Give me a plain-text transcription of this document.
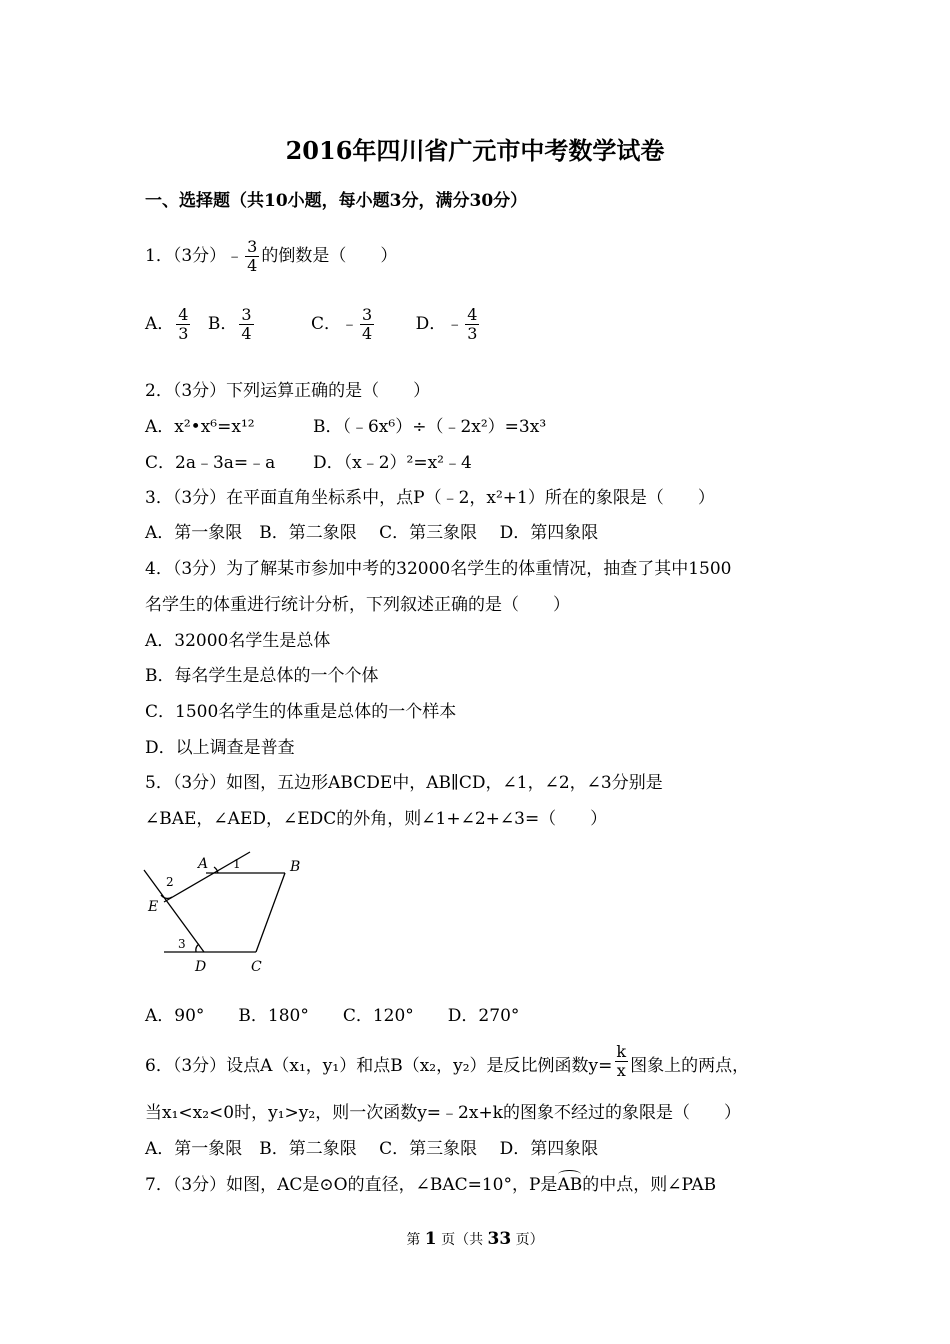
2016年四川省广元市中考数学试卷
一、选择题（共10小题，每小题3分，满分30分）
1．（3分）﹣ $\frac{3}{4}$ 的倒数是（　　）
A． $\frac{4}{3}$ B． $\frac{3}{4}$	C．﹣ $\frac{3}{4}$ D．﹣ $\frac{4}{3}$
2．（3分）下列运算正确的是（　　）
A．x²•x⁶=x¹²	B．（﹣6x⁶）÷（﹣2x²）=3x³
C．2a﹣3a=﹣a D．（x﹣2）²=x²﹣4
3．（3分）在平面直角坐标系中，点P（﹣2，x²+1）所在的象限是（　　）
A．第一象限　B．第二象限　 C．第三象限　 D．第四象限
4．（3分）为了解某市参加中考的32000名学生的体重情况，抽查了其中1500
名学生的体重进行统计分析，下列叙述正确的是（　　）
A．32000名学生是总体
B．每名学生是总体的一个个体
C．1500名学生的体重是总体的一个样本
D．以上调查是普查
5．（3分）如图，五边形ABCDE中，AB∥CD，∠1，∠2，∠3分别是
∠BAE，∠AED，∠EDC的外角，则∠1+∠2+∠3=（　　）
A	B
C
D
E
1
2
3
A．90°　　B．180°　　C．120°　　D．270°
6．（3分）设点A（x₁，y₁）和点B（x₂，y₂）是反比例函数$y= \frac{k}{x}$ 图象上的两点，
当x₁<x₂<0时，y₁>y₂，则一次函数y=﹣2x+k的图象不经过的象限是（　　）
A．第一象限　B．第二象限　 C．第三象限　 D．第四象限
7．（3分）如图，AC是⊙O的直径，∠BAC=10°，P是AB的中点，则∠PAB
第 1 页（共 33 页）
